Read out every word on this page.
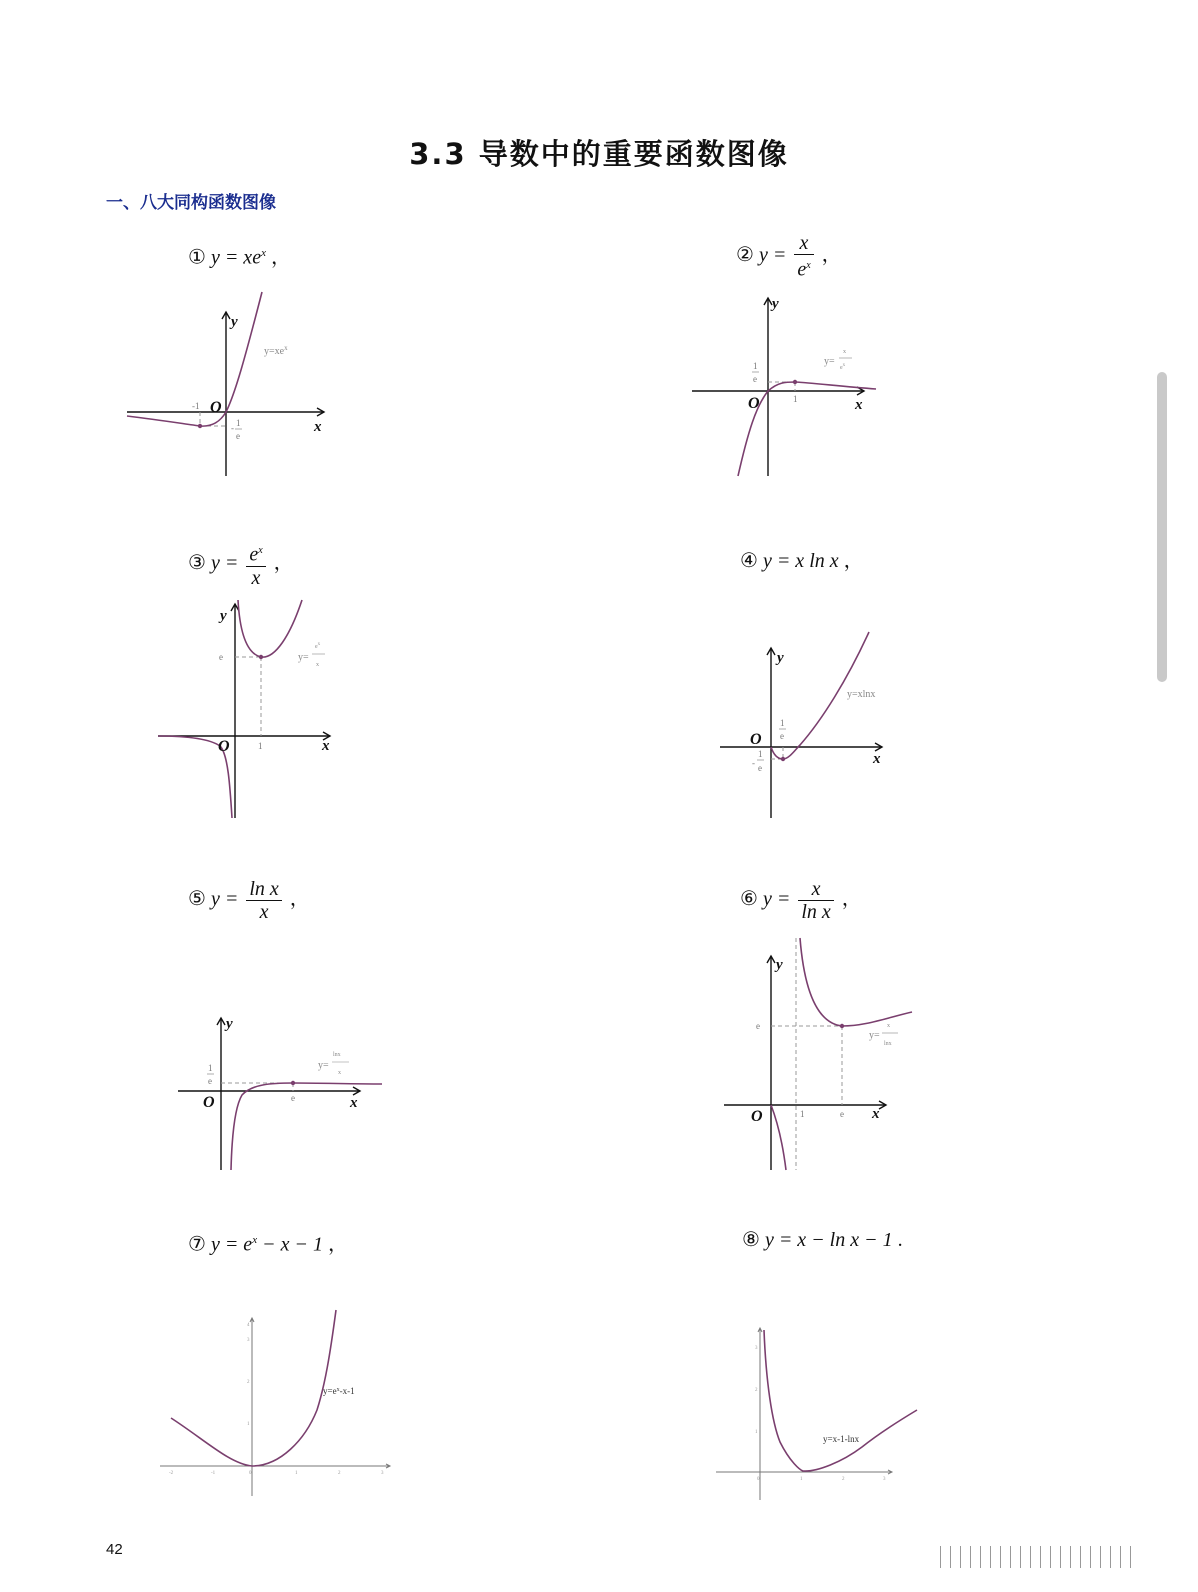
3.3 导数中的重要函数图像
一、八大同构函数图像
① $y = xe^x$ ，	② $y = \frac{x}{e^x}$ ，
③ $y = \frac{e^x}{x}$ ，	④ y = x ln x ，
⑤ $y = \frac{\text{ln x}}{x}$ ，	⑥ $y = \frac{x}{\text{ln x}}$ ，
⑦ $y = e^x - x - 1$ ，	⑧ y = x − ln x − 1 .
y
x
O
-1
- 1
e
$y=xe^x$
y
x
O	1
1
e
y=
x
$e^x$
y
x
O	1
e	y=
$e^x$
x	y
x
O
1
e
-
1
e
y=xlnx
y
x
O	e
1
e
y=
lnx
x
y
x
O	1	e
e
y=
x
lnx
-2	-1	0	1	2	3
1
2
3
4
$y=e^x-x-1$
0	1	2	3
1
2
3
y=x-1-lnx
42
